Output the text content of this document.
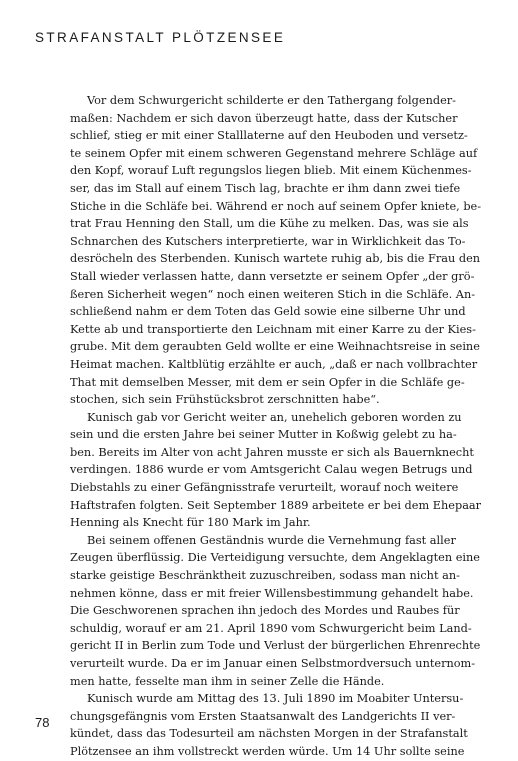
STRAFANSTALT PLÖTZENSEE
Vor dem Schwurgericht schilderte er den Tathergang folgender-
maßen: Nachdem er sich davon überzeugt hatte, dass der Kutscher
schlief, stieg er mit einer Stalllaterne auf den Heuboden und versetz-
te seinem Opfer mit einem schweren Gegenstand mehrere Schläge auf
den Kopf, worauf Luft regungslos liegen blieb. Mit einem Küchenmes-
ser, das im Stall auf einem Tisch lag, brachte er ihm dann zwei tiefe
Stiche in die Schläfe bei. Während er noch auf seinem Opfer kniete, be-
trat Frau Henning den Stall, um die Kühe zu melken. Das, was sie als
Schnarchen des Kutschers interpretierte, war in Wirklichkeit das To-
desröcheln des Sterbenden. Kunisch wartete ruhig ab, bis die Frau den
Stall wieder verlassen hatte, dann versetzte er seinem Opfer „der grö-
ßeren Sicherheit wegen“ noch einen weiteren Stich in die Schläfe. An-
schließend nahm er dem Toten das Geld sowie eine silberne Uhr und
Kette ab und transportierte den Leichnam mit einer Karre zu der Kies-
grube. Mit dem geraubten Geld wollte er eine Weihnachtsreise in seine
Heimat machen. Kaltblütig erzählte er auch, „daß er nach vollbrachter
That mit demselben Messer, mit dem er sein Opfer in die Schläfe ge-
stochen, sich sein Frühstücksbrot zerschnitten habe“.
Kunisch gab vor Gericht weiter an, unehelich geboren worden zu
sein und die ersten Jahre bei seiner Mutter in Koßwig gelebt zu ha-
ben. Bereits im Alter von acht Jahren musste er sich als Bauernknecht
verdingen. 1886 wurde er vom Amtsgericht Calau wegen Betrugs und
Diebstahls zu einer Gefängnisstrafe verurteilt, worauf noch weitere
Haftstrafen folgten. Seit September 1889 arbeitete er bei dem Ehepaar
Henning als Knecht für 180 Mark im Jahr.
Bei seinem offenen Geständnis wurde die Vernehmung fast aller
Zeugen überflüssig. Die Verteidigung versuchte, dem Angeklagten eine
starke geistige Beschränktheit zuzuschreiben, sodass man nicht an-
nehmen könne, dass er mit freier Willensbestimmung gehandelt habe.
Die Geschworenen sprachen ihn jedoch des Mordes und Raubes für
schuldig, worauf er am 21. April 1890 vom Schwurgericht beim Land-
gericht II in Berlin zum Tode und Verlust der bürgerlichen Ehrenrechte
verurteilt wurde. Da er im Januar einen Selbstmordversuch unternom-
men hatte, fesselte man ihm in seiner Zelle die Hände.
Kunisch wurde am Mittag des 13. Juli 1890 im Moabiter Untersu-
chungsgefängnis vom Ersten Staatsanwalt des Landgerichts II ver-
kündet, dass das Todesurteil am nächsten Morgen in der Strafanstalt
Plötzensee an ihm vollstreckt werden würde. Um 14 Uhr sollte seine
78
